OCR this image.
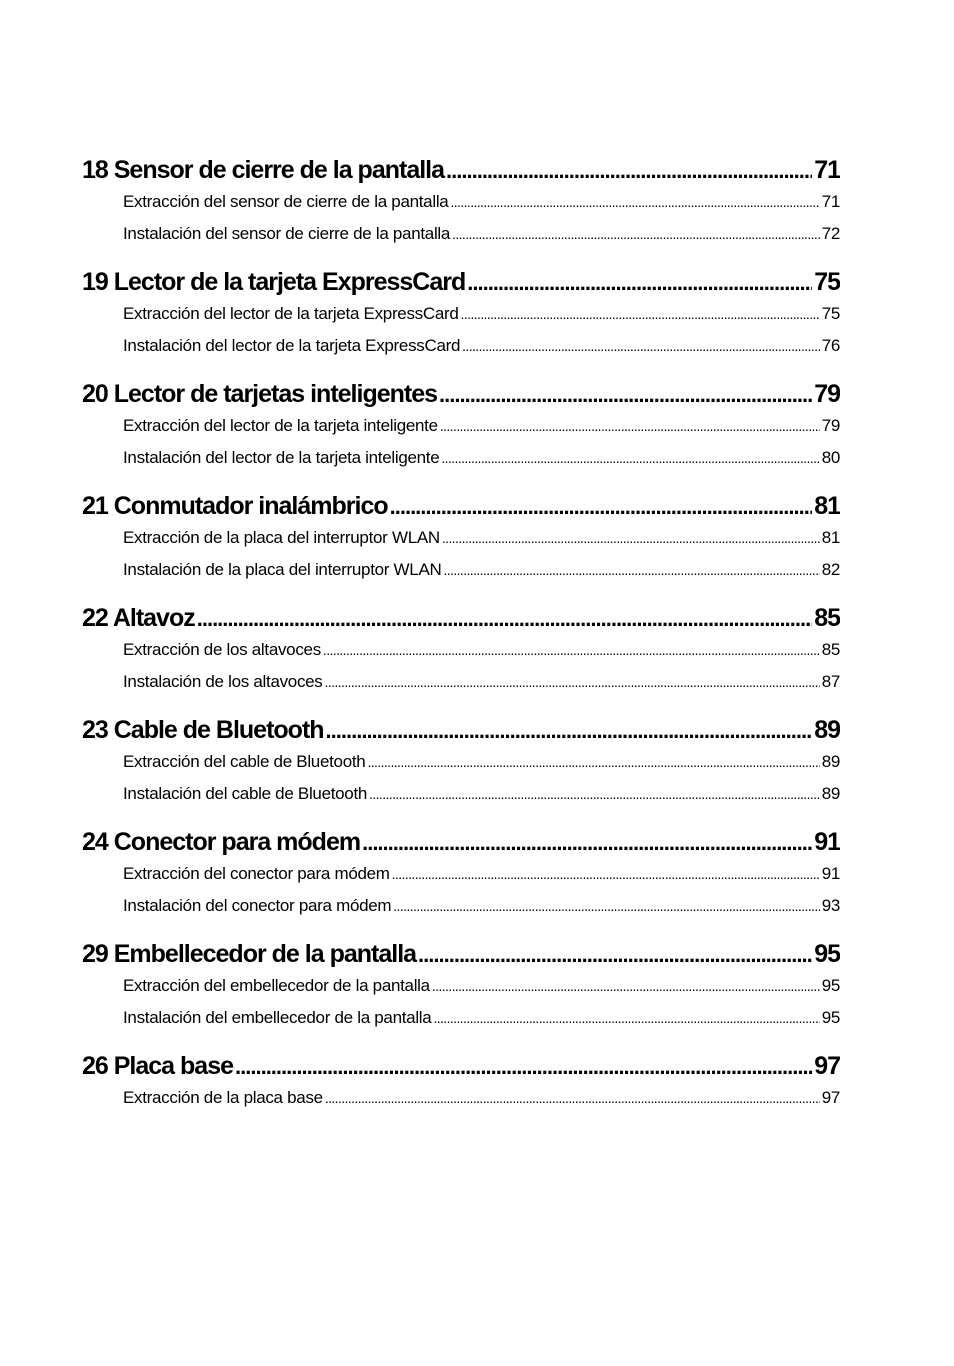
18 Sensor de cierre de la pantalla .....	71
Extracción del sensor de cierre de la pantalla .....	71
Instalación del sensor de cierre de la pantalla .....	72
19 Lector de la tarjeta ExpressCard .....	75
Extracción del lector de la tarjeta ExpressCard .....	75
Instalación del lector de la tarjeta ExpressCard .....	76
20 Lector de tarjetas inteligentes .....	79
Extracción del lector de la tarjeta inteligente .....	79
Instalación del lector de la tarjeta inteligente .....	80
21 Conmutador inalámbrico .....	81
Extracción de la placa del interruptor WLAN .....	81
Instalación de la placa del interruptor WLAN .....	82
22 Altavoz .....	85
Extracción de los altavoces .....	85
Instalación de los altavoces .....	87
23 Cable de Bluetooth .....	89
Extracción del cable de Bluetooth .....	89
Instalación del cable de Bluetooth .....	89
24 Conector para módem .....	91
Extracción del conector para módem .....	91
Instalación del conector para módem .....	93
29 Embellecedor de la pantalla .....	95
Extracción del embellecedor de la pantalla .....	95
Instalación del embellecedor de la pantalla .....	95
26 Placa base .....	97
Extracción de la placa base .....	97
